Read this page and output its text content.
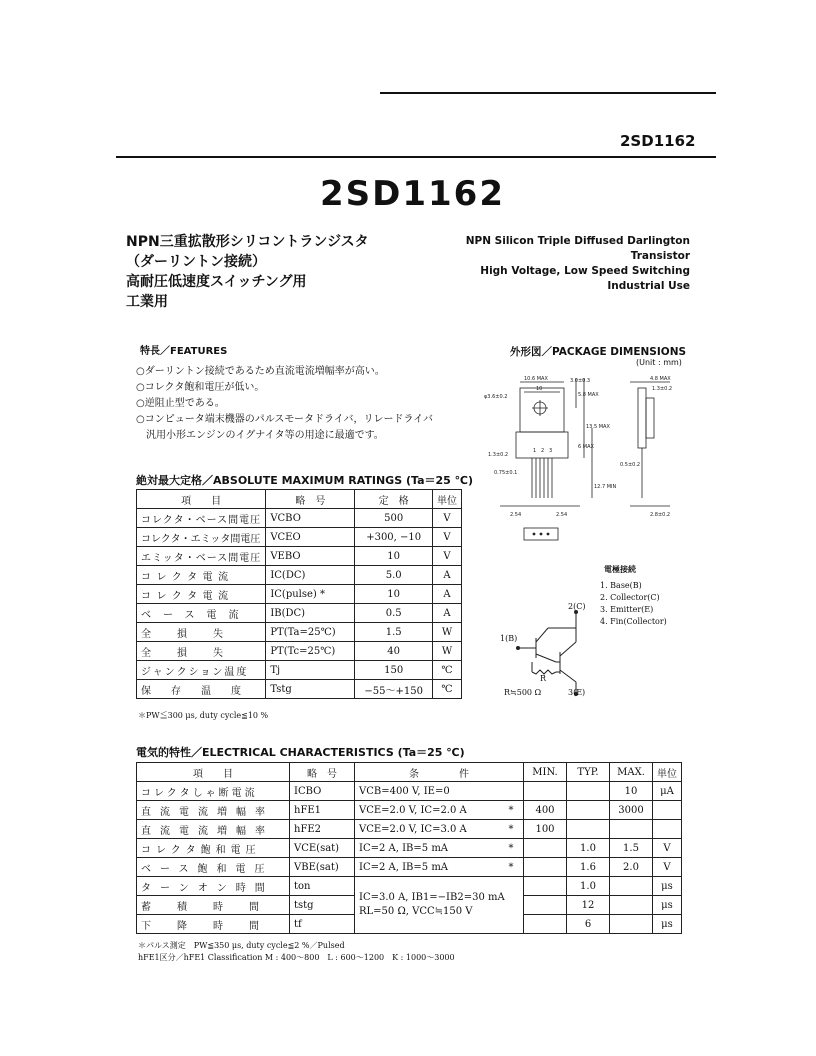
2SD1162
2SD1162
NPN三重拡散形シリコントランジスタ
（ダーリントン接続）
高耐圧低速度スイッチング用
工業用
NPN Silicon Triple Diffused Darlington Transistor
High Voltage, Low Speed Switching
Industrial Use
特長／FEATURES
○ダーリントン接続であるため直流電流増幅率が高い。
○コレクタ飽和電圧が低い。
○逆阻止型である。
○コンピュータ端末機器のパルスモータドライバ，リレードライバ
　汎用小形エンジンのイグナイタ等の用途に最適です。
外形図／PACKAGE DIMENSIONS
(Unit : mm)
10.6 MAX
10
3.0±0.3
5.8 MAX
φ3.6±0.2
4.8 MAX
1.3±0.2
1.3±0.2
0.75±0.1
6 MAX
13.5 MAX
12.7 MIN
0.5±0.2
2.54	2.54	2.8±0.2
1 2 3
電極接続
1. Base(B)
2. Collector(C)
3. Emitter(E)
4. Fin(Collector)
2(C)
1(B)
R
R≒500 Ω	3(E)
絶対最大定格／ABSOLUTE MAXIMUM RATINGS (Ta＝25 ℃)
項　　目	略　号	定　格	単位
コレクタ・ベース間電圧	VCBO	500	V
コレクタ・エミッタ間電圧	VCEO	+300, −10	V
エミッタ・ベース間電圧	VEBO	10	V
コレクタ電流	IC(DC)	5.0	A
コレクタ電流	IC(pulse) *	10	A
ベース電流	IB(DC)	0.5	A
全損失	PT(Ta=25℃)	1.5	W
全損失	PT(Tc=25℃)	40	W
ジャンクション温度	Tj	150	℃
保存温度	Tstg	−55～+150	℃
＊PW≦300 μs, duty cycle≦10 %
電気的特性／ELECTRICAL CHARACTERISTICS (Ta＝25 ℃)
項　　目	略　号	条　　　　件		MIN.	TYP.	MAX.	単位
コレクタしゃ断電流	ICBO	VCB=400 V, IE=0				10	μA
直流電流増幅率	hFE1	VCE=2.0 V, IC=2.0 A	*	400		3000	
直流電流増幅率	hFE2	VCE=2.0 V, IC=3.0 A	*	100			
コレクタ飽和電圧	VCE(sat)	IC=2 A, IB=5 mA	*		1.0	1.5	V
ベース飽和電圧	VBE(sat)	IC=2 A, IB=5 mA	*		1.6	2.0	V
ターンオン時間	ton	IC=3.0 A, IB1=−IB2=30 mA
RL=50 Ω, VCC≒150 V			1.0		μs
蓄積時間	tstg				12		μs
下降時間	tf				6		μs
＊パルス測定　PW≦350 μs, duty cycle≦2 %／Pulsed
hFE1区分／hFE1 Classification M : 400～800　L : 600～1200　K : 1000～3000
